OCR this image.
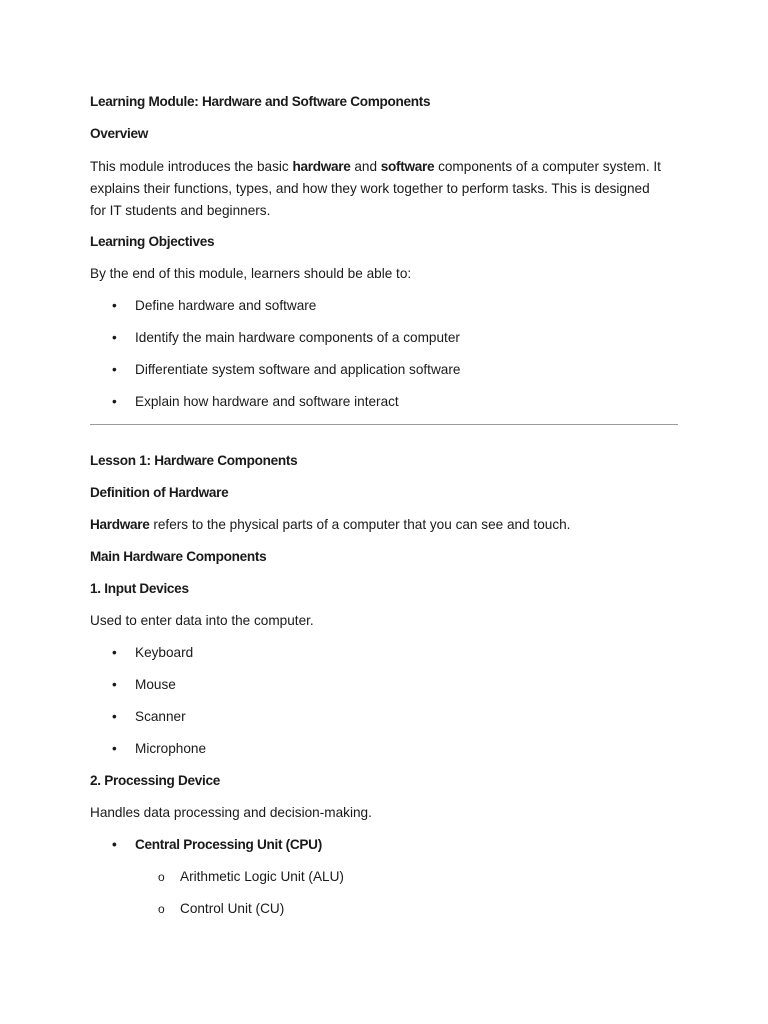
Learning Module: Hardware and Software Components
Overview
This module introduces the basic hardware and software components of a computer system. It
explains their functions, types, and how they work together to perform tasks. This is designed
for IT students and beginners.
Learning Objectives
By the end of this module, learners should be able to:
•	Define hardware and software
•	Identify the main hardware components of a computer
•	Differentiate system software and application software
•	Explain how hardware and software interact
Lesson 1: Hardware Components
Definition of Hardware
Hardware refers to the physical parts of a computer that you can see and touch.
Main Hardware Components
1. Input Devices
Used to enter data into the computer.
•	Keyboard
•	Mouse
•	Scanner
•	Microphone
2. Processing Device
Handles data processing and decision-making.
•	Central Processing Unit (CPU)
o Arithmetic Logic Unit (ALU)
o Control Unit (CU)
